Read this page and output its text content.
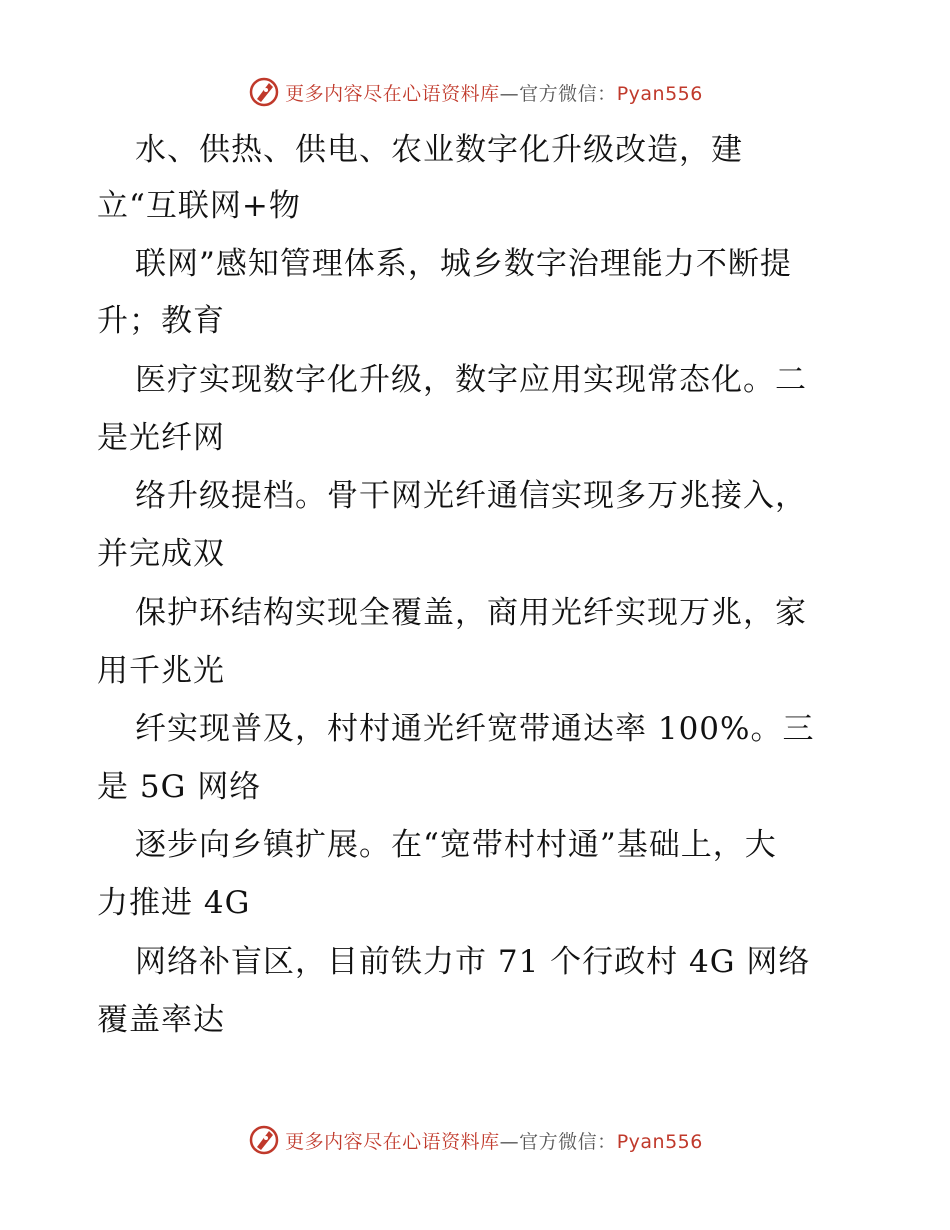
更多内容尽在心语资料库—官方微信：Pyan556
水、供热、供电、农业数字化升级改造，建
立“互联网+物
联网”感知管理体系，城乡数字治理能力不断提
升；教育
医疗实现数字化升级，数字应用实现常态化。二
是光纤网
络升级提档。骨干网光纤通信实现多万兆接入，
并完成双
保护环结构实现全覆盖，商用光纤实现万兆，家
用千兆光
纤实现普及，村村通光纤宽带通达率 100%。三
是 5G 网络
逐步向乡镇扩展。在“宽带村村通”基础上，大
力推进 4G
网络补盲区，目前铁力市 71 个行政村 4G 网络
覆盖率达
更多内容尽在心语资料库—官方微信：Pyan556
